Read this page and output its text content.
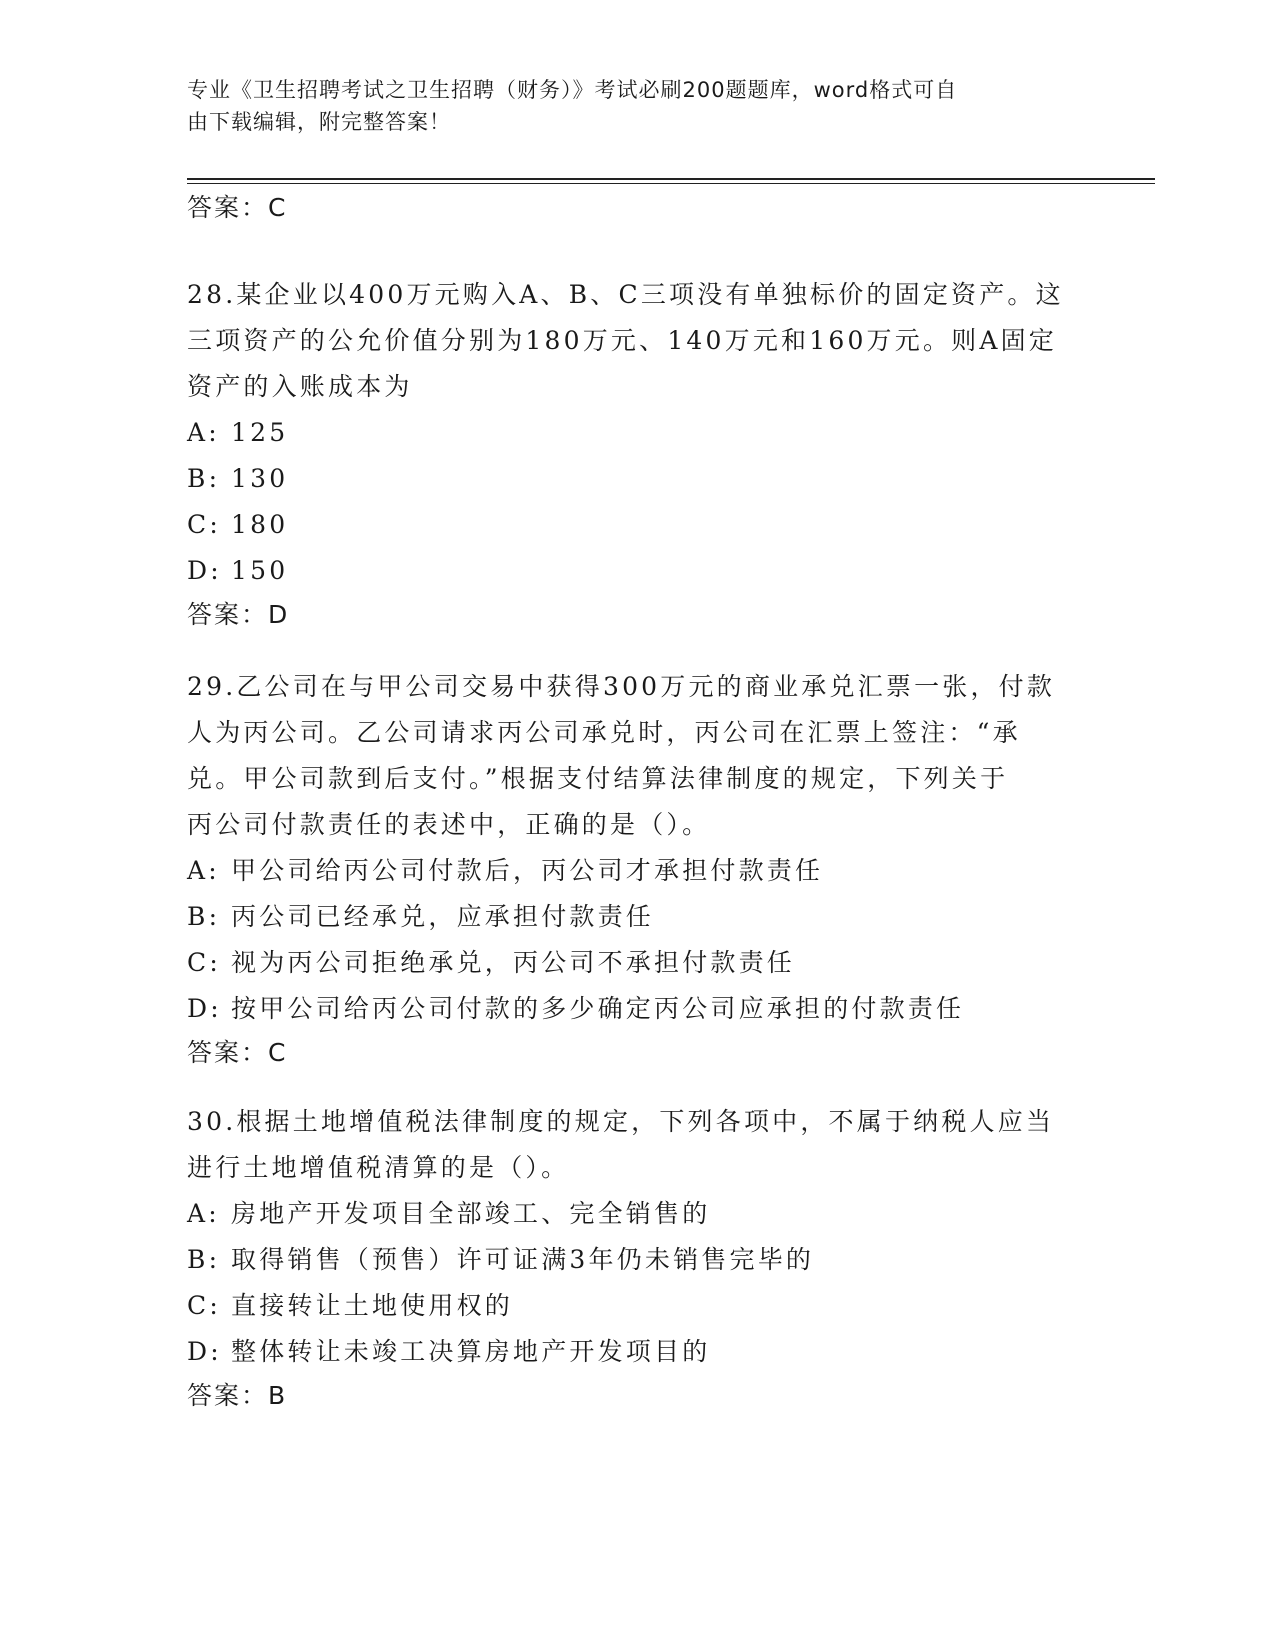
专业《卫生招聘考试之卫生招聘（财务）》考试必刷200题题库，word格式可自
由下载编辑，附完整答案！

答案：C

28.某企业以400万元购入A、B、C三项没有单独标价的固定资产。这

三项资产的公允价值分别为180万元、140万元和160万元。则A固定

资产的入账成本为

A: 125

B: 130

C: 180

D: 150

答案：D

29.乙公司在与甲公司交易中获得300万元的商业承兑汇票一张，付款

人为丙公司。乙公司请求丙公司承兑时，丙公司在汇票上签注：“承

兑。甲公司款到后支付。”根据支付结算法律制度的规定，下列关于

丙公司付款责任的表述中，正确的是（）。

A: 甲公司给丙公司付款后，丙公司才承担付款责任

B: 丙公司已经承兑，应承担付款责任

C: 视为丙公司拒绝承兑，丙公司不承担付款责任

D: 按甲公司给丙公司付款的多少确定丙公司应承担的付款责任

答案：C

30.根据土地增值税法律制度的规定，下列各项中，不属于纳税人应当

进行土地增值税清算的是（）。

A: 房地产开发项目全部竣工、完全销售的

B: 取得销售（预售）许可证满3年仍未销售完毕的

C: 直接转让土地使用权的

D: 整体转让未竣工决算房地产开发项目的

答案：B
